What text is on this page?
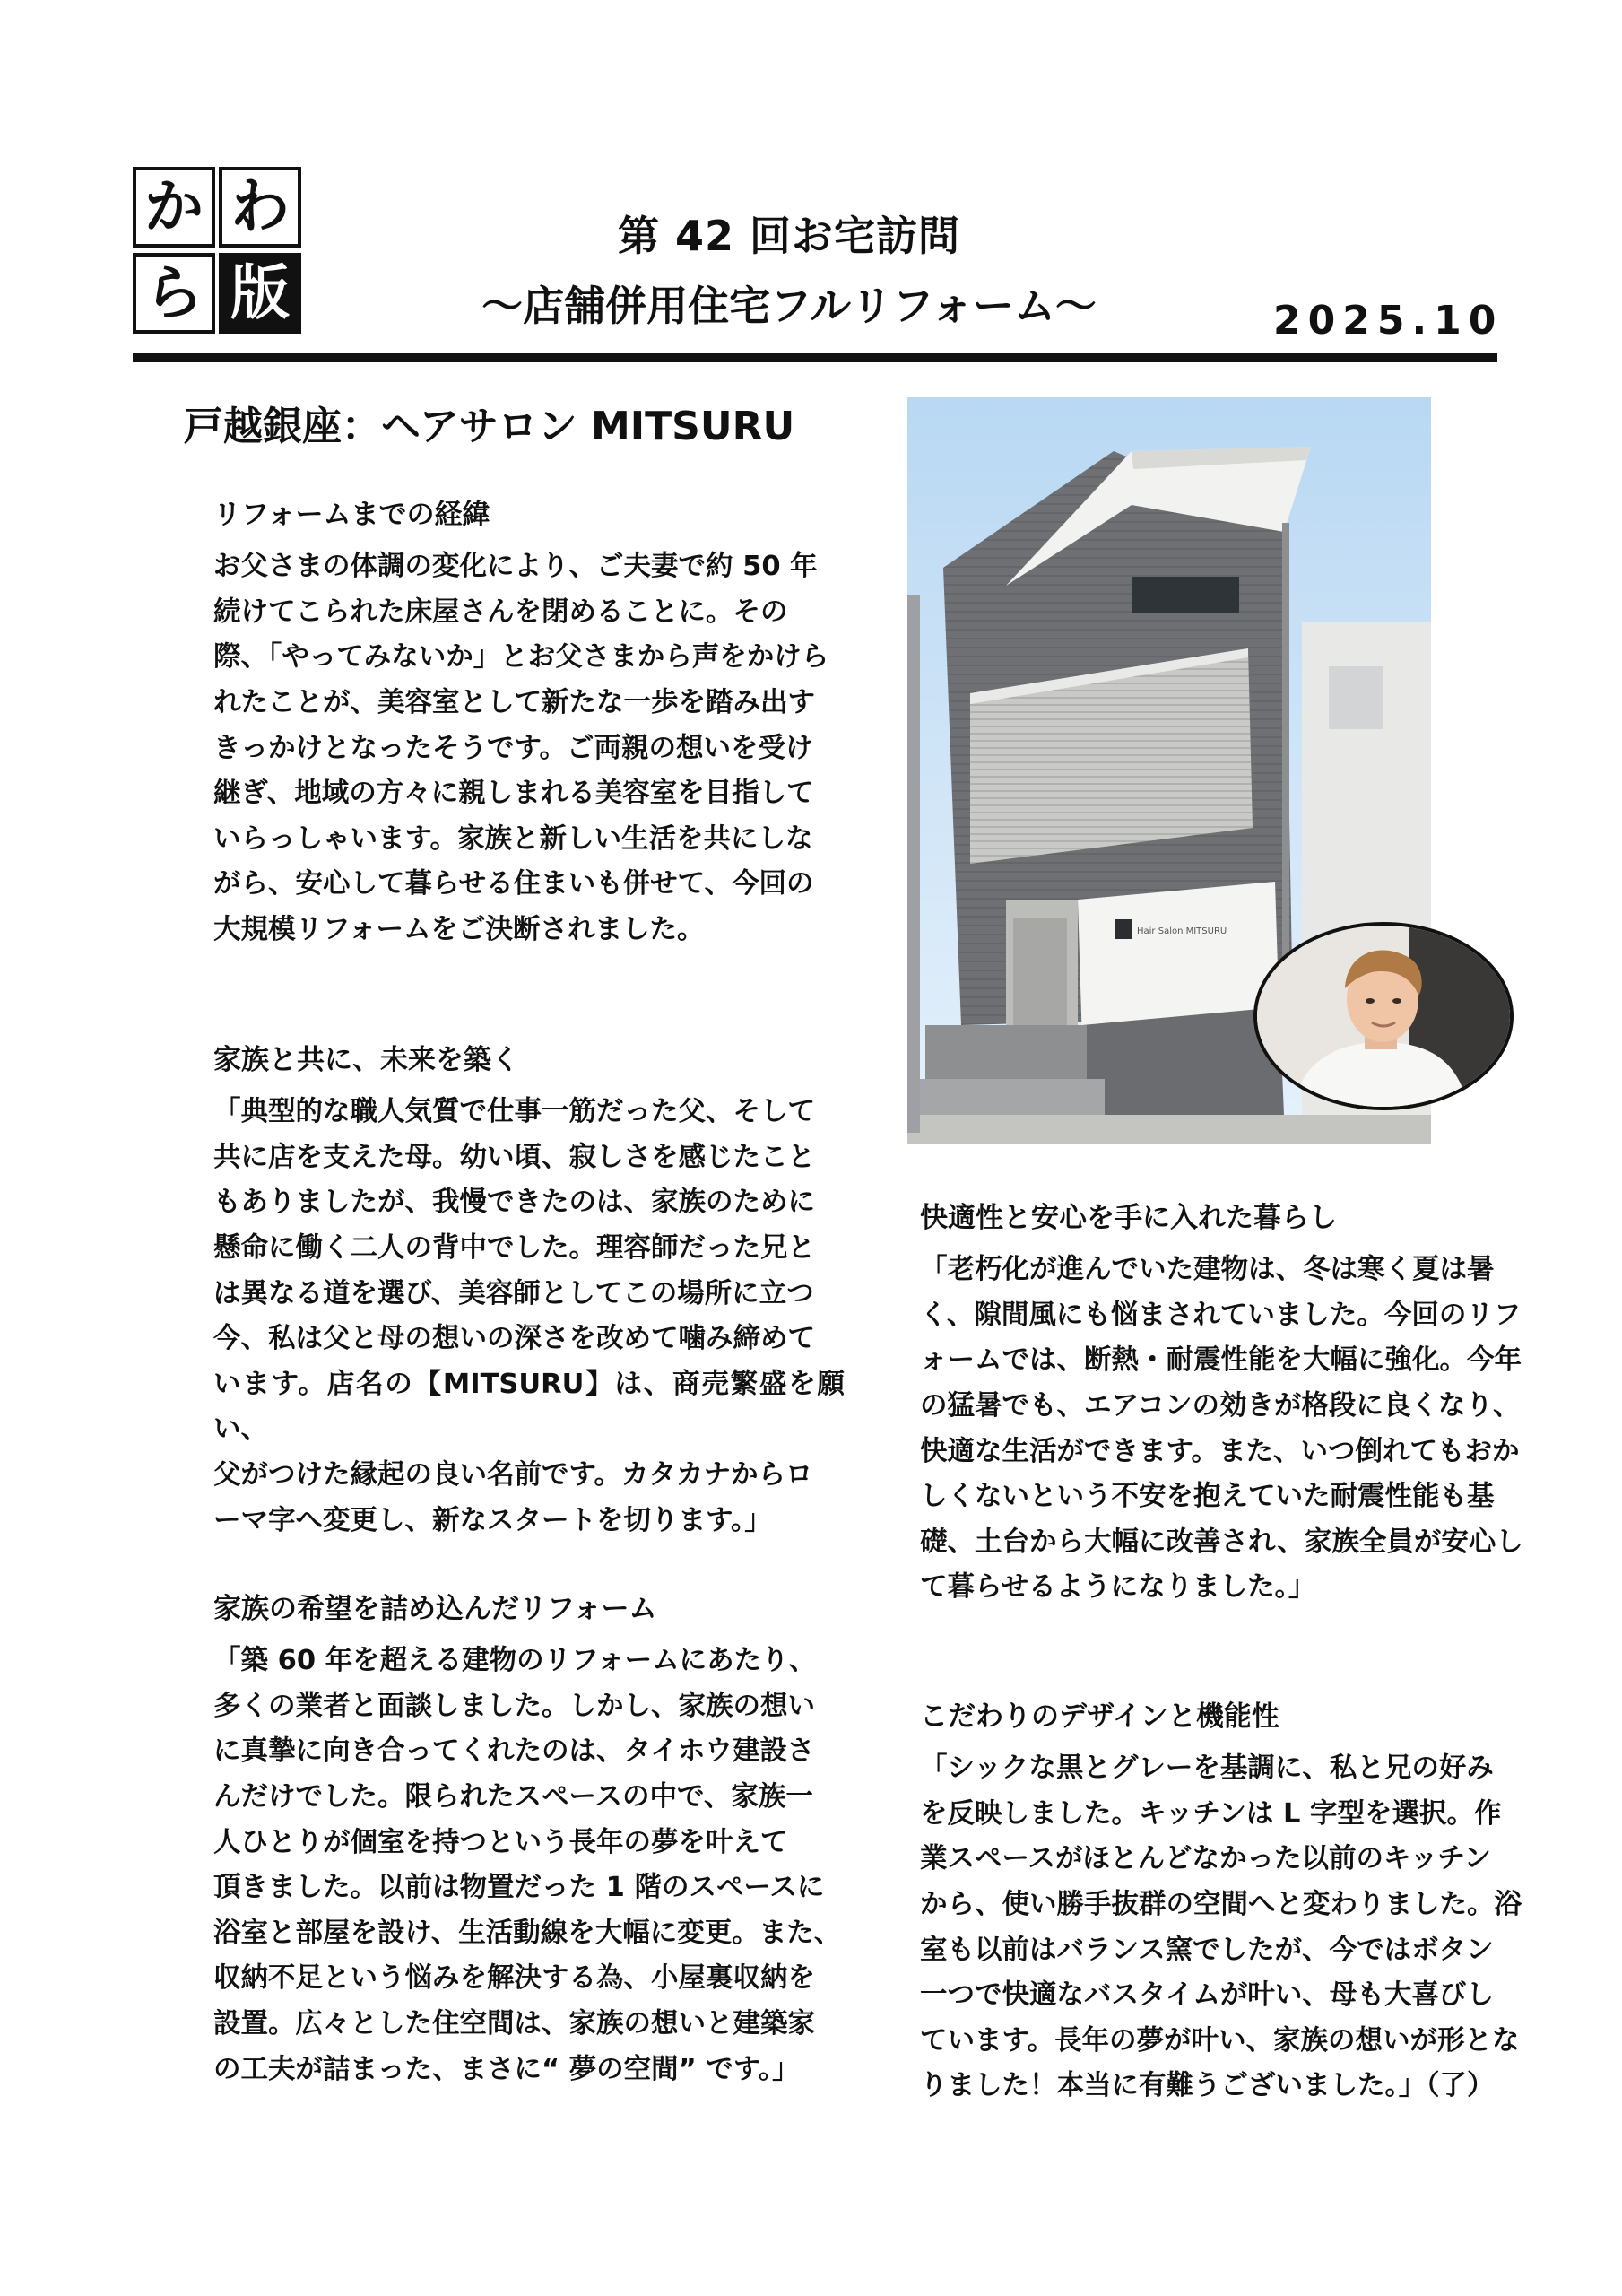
か わ
ら 版
第 42 回お宅訪問
～店舗併用住宅フルリフォーム～	2025.10
戸越銀座：ヘアサロン MITSURU
リフォームまでの経緯

お父さまの体調の変化により、ご夫妻で約 50 年
続けてこられた床屋さんを閉めることに。その
際、「やってみないか」とお父さまから声をかけら
れたことが、美容室として新たな一歩を踏み出す
きっかけとなったそうです。ご両親の想いを受け
継ぎ、地域の方々に親しまれる美容室を目指して
いらっしゃいます。家族と新しい生活を共にしな
がら、安心して暮らせる住まいも併せて、今回の
大規模リフォームをご決断されました。

家族と共に、未来を築く

「典型的な職人気質で仕事一筋だった父、そして
共に店を支えた母。幼い頃、寂しさを感じたこと
もありましたが、我慢できたのは、家族のために
懸命に働く二人の背中でした。理容師だった兄と
は異なる道を選び、美容師としてこの場所に立つ
今、私は父と母の想いの深さを改めて噛み締めて
います。店名の【MITSURU】は、商売繁盛を願い、
父がつけた縁起の良い名前です。カタカナからロ
ーマ字へ変更し、新なスタートを切ります。」

家族の希望を詰め込んだリフォーム

「築 60 年を超える建物のリフォームにあたり、
多くの業者と面談しました。しかし、家族の想い
に真摯に向き合ってくれたのは、タイホウ建設さ
んだけでした。限られたスペースの中で、家族一
人ひとりが個室を持つという長年の夢を叶えて
頂きました。以前は物置だった 1 階のスペースに
浴室と部屋を設け、生活動線を大幅に変更。また、
収納不足という悩みを解決する為、小屋裏収納を
設置。広々とした住空間は、家族の想いと建築家
の工夫が詰まった、まさに“ 夢の空間” です。」

Hair Salon MITSURU
快適性と安心を手に入れた暮らし

「老朽化が進んでいた建物は、冬は寒く夏は暑
く、隙間風にも悩まされていました。今回のリフ
ォームでは、断熱・耐震性能を大幅に強化。今年
の猛暑でも、エアコンの効きが格段に良くなり、
快適な生活ができます。また、いつ倒れてもおか
しくないという不安を抱えていた耐震性能も基
礎、土台から大幅に改善され、家族全員が安心し
て暮らせるようになりました。」

こだわりのデザインと機能性

「シックな黒とグレーを基調に、私と兄の好み
を反映しました。キッチンは L 字型を選択。作
業スペースがほとんどなかった以前のキッチン
から、使い勝手抜群の空間へと変わりました。浴
室も以前はバランス窯でしたが、今ではボタン
一つで快適なバスタイムが叶い、母も大喜びし
ています。長年の夢が叶い、家族の想いが形とな
りました！本当に有難うございました。」（了）
